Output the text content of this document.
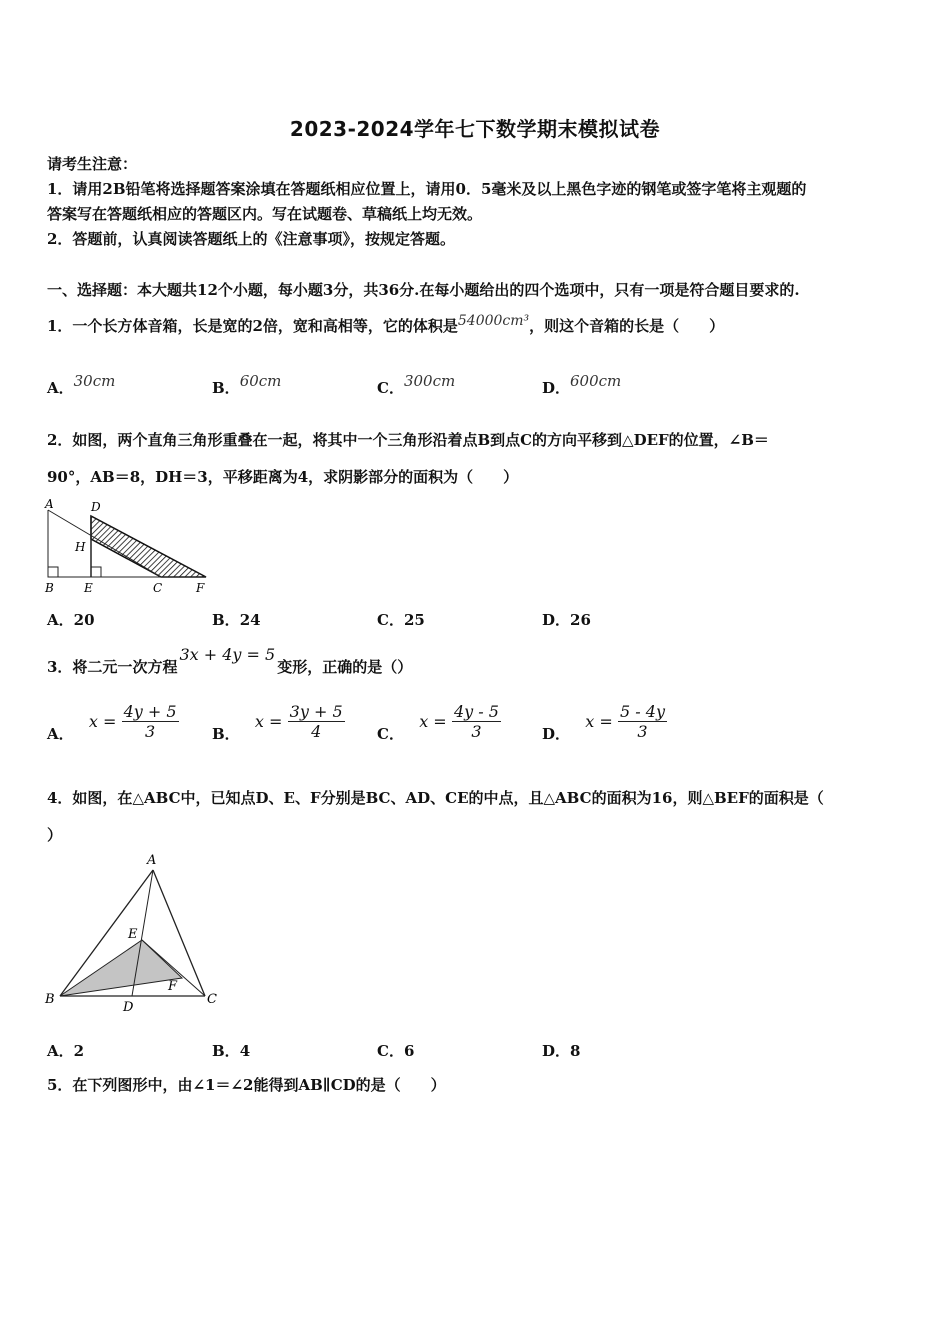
2023-2024学年七下数学期末模拟试卷
请考生注意：
1．请用2B铅笔将选择题答案涂填在答题纸相应位置上，请用0．5毫米及以上黑色字迹的钢笔或签字笔将主观题的
答案写在答题纸相应的答题区内。写在试题卷、草稿纸上均无效。
2．答题前，认真阅读答题纸上的《注意事项》，按规定答题。
一、选择题：本大题共12个小题，每小题3分，共36分.在每小题给出的四个选项中，只有一项是符合题目要求的.
1．一个长方体音箱，长是宽的2倍，宽和高相等，它的体积是54000cm³，则这个音箱的长是（　　）
A．30cm	B．60cm	C．300cm	D．600cm
2．如图，两个直角三角形重叠在一起，将其中一个三角形沿着点B到点C的方向平移到△DEF的位置，∠B＝
90°，AB＝8，DH＝3，平移距离为4，求阴影部分的面积为（　　）
A	D
H
B	E	C	F
A．20	B．24	C．25	D．26
3．将二元一次方程3x + 4y = 5变形，正确的是（）
A． $x = \frac{4y + 5}{3}$ B． $x = \frac{3y + 5}{4}$ C． $x = \frac{4y - 5}{3}$	D． $x = \frac{5 - 4y}{3}$
4．如图，在△ABC中，已知点D、E、F分别是BC、AD、CE的中点，且△ABC的面积为16，则△BEF的面积是（
）
A
E
F
B
D
C
A．2	B．4	C．6	D．8
5．在下列图形中，由∠1＝∠2能得到AB∥CD的是（　　）
